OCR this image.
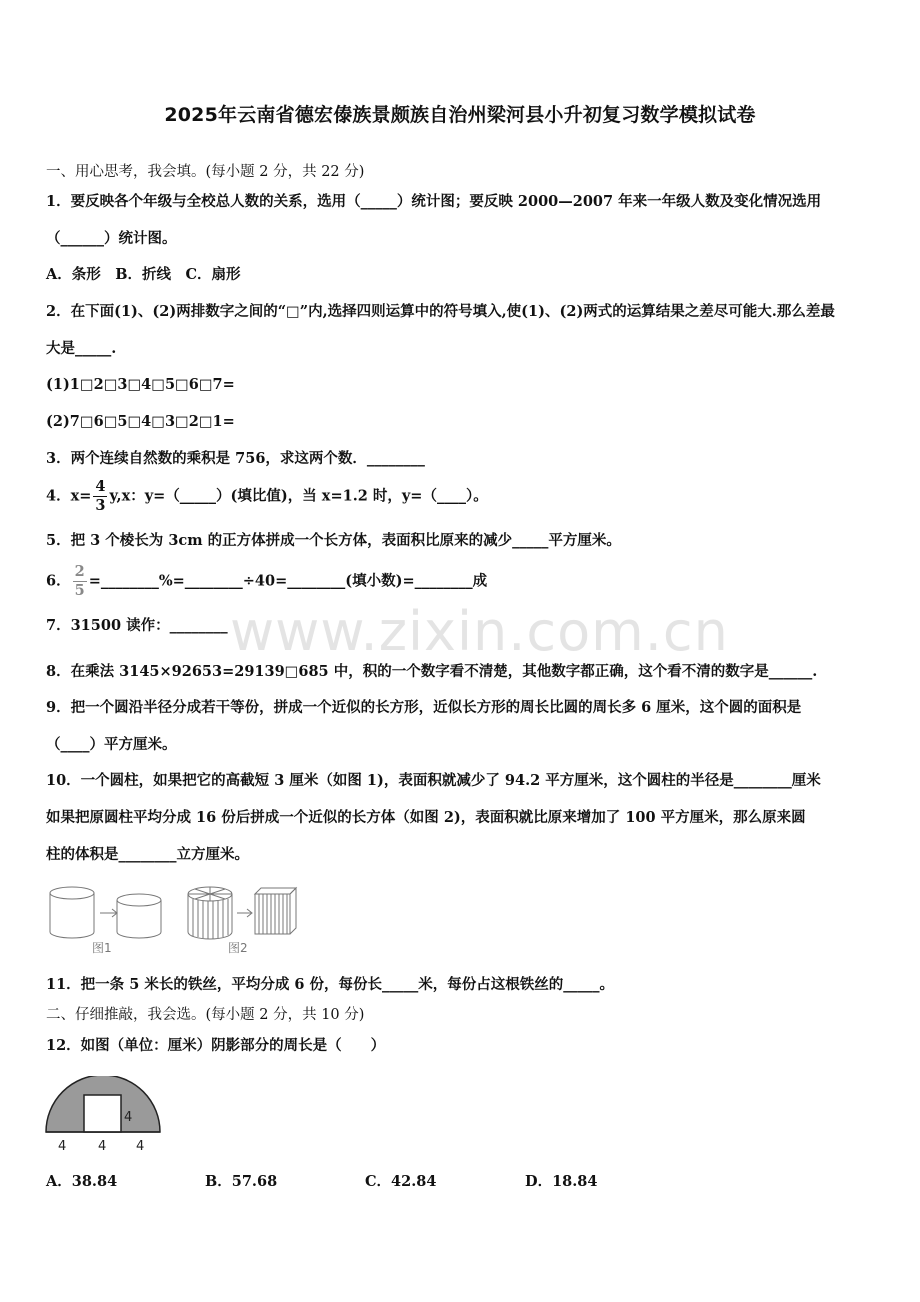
2025年云南省德宏傣族景颇族自治州梁河县小升初复习数学模拟试卷
www.zixin.com.cn
一、用心思考，我会填。(每小题 2 分，共 22 分)
1．要反映各个年级与全校总人数的关系，选用（_____）统计图；要反映 2000—2007 年来一年级人数及变化情况选用
（______）统计图。
A．条形　B．折线　C．扇形
2．在下面(1)、(2)两排数字之间的“□”内,选择四则运算中的符号填入,使(1)、(2)两式的运算结果之差尽可能大.那么差最
大是_____.
(1)1□2□3□4□5□6□7=
(2)7□6□5□4□3□2□1=
3．两个连续自然数的乘积是 756，求这两个数．________
4．$x= \frac{4}{3} y,x$：y=（_____）(填比值)，当 x=1.2 时，y=（____）。
5．把 3 个棱长为 3cm 的正方体拼成一个长方体，表面积比原来的减少_____平方厘米。
6． $\frac{2}{5}$ =________%=________÷40=________(填小数)=________成
7．31500 读作：________
8．在乘法 3145×92653=29139□685 中，积的一个数字看不清楚，其他数字都正确，这个看不清的数字是______.
9．把一个圆沿半径分成若干等份，拼成一个近似的长方形，近似长方形的周长比圆的周长多 6 厘米，这个圆的面积是
（____）平方厘米。
10．一个圆柱，如果把它的高截短 3 厘米（如图 1)，表面积就减少了 94.2 平方厘米，这个圆柱的半径是________厘米
如果把原圆柱平均分成 16 份后拼成一个近似的长方体（如图 2)，表面积就比原来增加了 100 平方厘米，那么原来圆
柱的体积是________立方厘米。
图1	图2
11．把一条 5 米长的铁丝，平均分成 6 份，每份长_____米，每份占这根铁丝的_____。
二、仔细推敲，我会选。(每小题 2 分，共 10 分)
12．如图（单位：厘米）阴影部分的周长是（　　）
4
4 4 4
A．38.84	B．57.68	C．42.84	D．18.84
